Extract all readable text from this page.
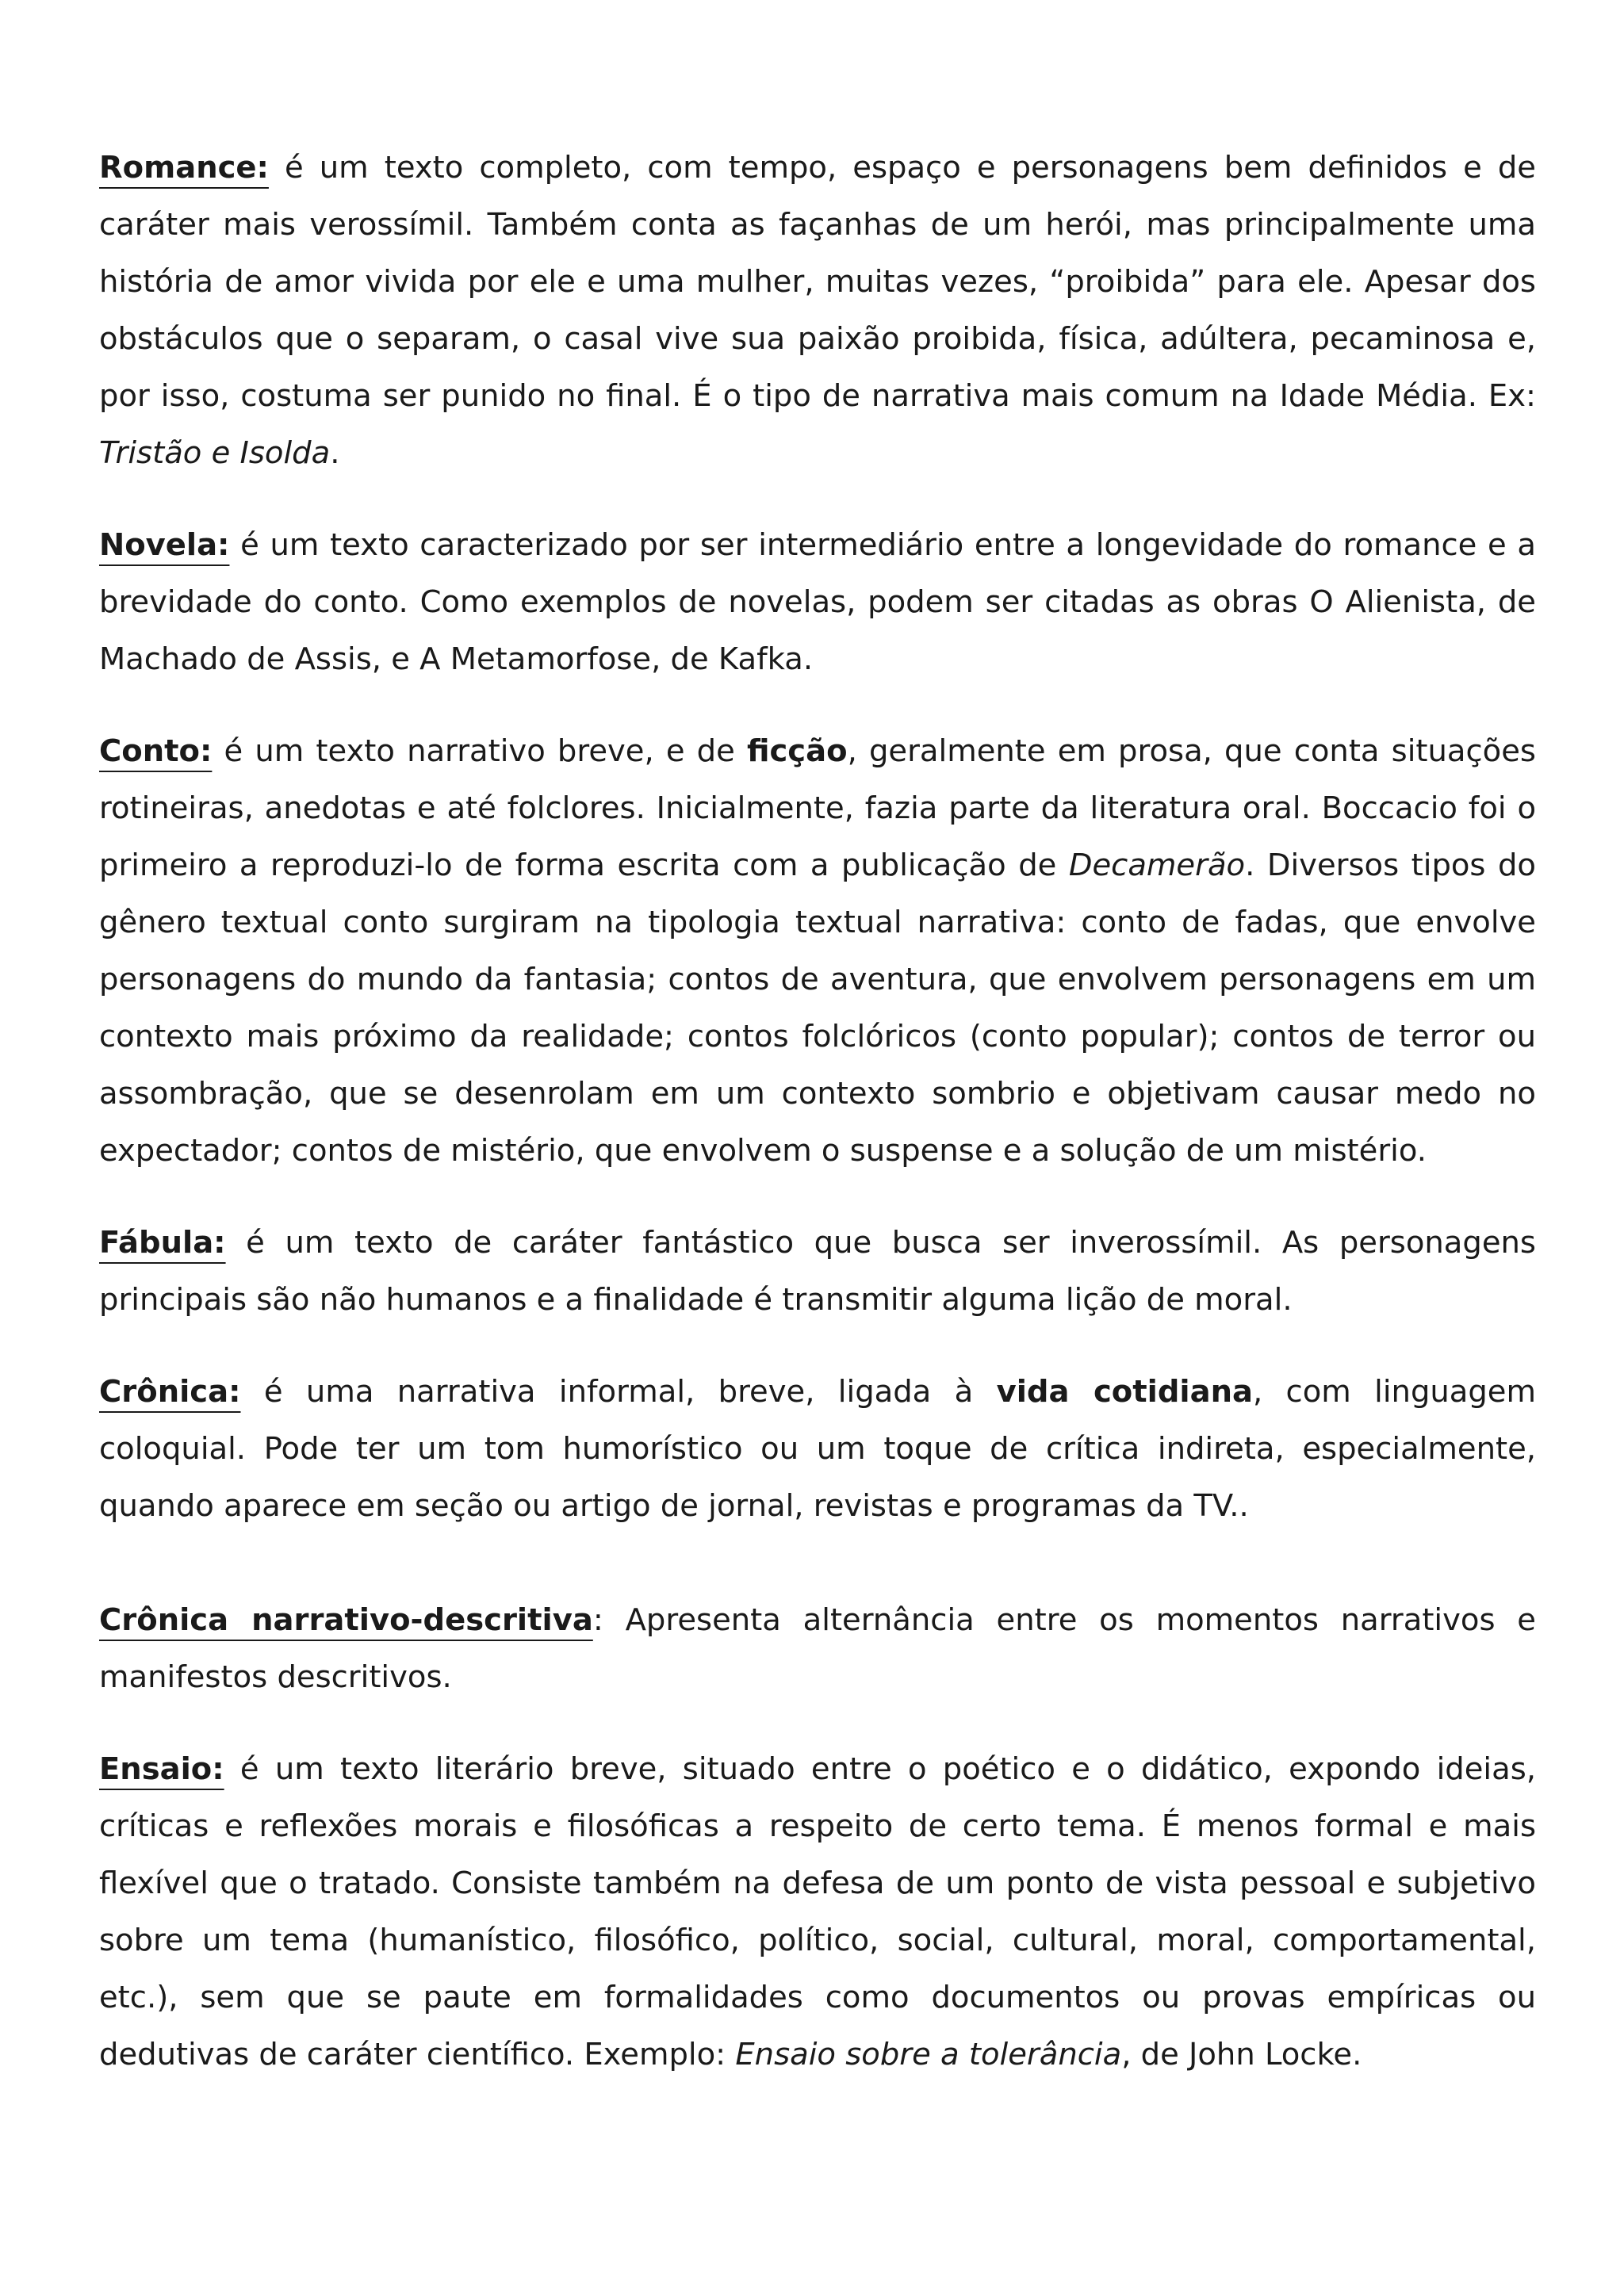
Romance: é um texto completo, com tempo, espaço e personagens bem definidos e de caráter mais verossímil. Também conta as façanhas de um herói, mas principalmente uma história de amor vivida por ele e uma mulher, muitas vezes, “proibida” para ele. Apesar dos obstáculos que o separam, o casal vive sua paixão proibida, física, adúltera, pecaminosa e, por isso, costuma ser punido no final. É o tipo de narrativa mais comum na Idade Média. Ex: Tristão e Isolda.

Novela: é um texto caracterizado por ser intermediário entre a longevidade do romance e a brevidade do conto. Como exemplos de novelas, podem ser citadas as obras O Alienista, de Machado de Assis, e A Metamorfose, de Kafka.

Conto: é um texto narrativo breve, e de ficção, geralmente em prosa, que conta situações rotineiras, anedotas e até folclores. Inicialmente, fazia parte da literatura oral. Boccacio foi o primeiro a reproduzi-lo de forma escrita com a publicação de Decamerão. Diversos tipos do gênero textual conto surgiram na tipologia textual narrativa: conto de fadas, que envolve personagens do mundo da fantasia; contos de aventura, que envolvem personagens em um contexto mais próximo da realidade; contos folclóricos (conto popular); contos de terror ou assombração, que se desenrolam em um contexto sombrio e objetivam causar medo no expectador; contos de mistério, que envolvem o suspense e a solução de um mistério.

Fábula: é um texto de caráter fantástico que busca ser inverossímil. As personagens principais são não humanos e a finalidade é transmitir alguma lição de moral.

Crônica: é uma narrativa informal, breve, ligada à vida cotidiana, com linguagem coloquial. Pode ter um tom humorístico ou um toque de crítica indireta, especialmente, quando aparece em seção ou artigo de jornal, revistas e programas da TV..

Crônica narrativo-descritiva: Apresenta alternância entre os momentos narrativos e manifestos descritivos.

Ensaio: é um texto literário breve, situado entre o poético e o didático, expondo ideias, críticas e reflexões morais e filosóficas a respeito de certo tema. É menos formal e mais flexível que o tratado. Consiste também na defesa de um ponto de vista pessoal e subjetivo sobre um tema (humanístico, filosófico, político, social, cultural, moral, comportamental, etc.), sem que se paute em formalidades como documentos ou provas empíricas ou dedutivas de caráter científico. Exemplo: Ensaio sobre a tolerância, de John Locke.
